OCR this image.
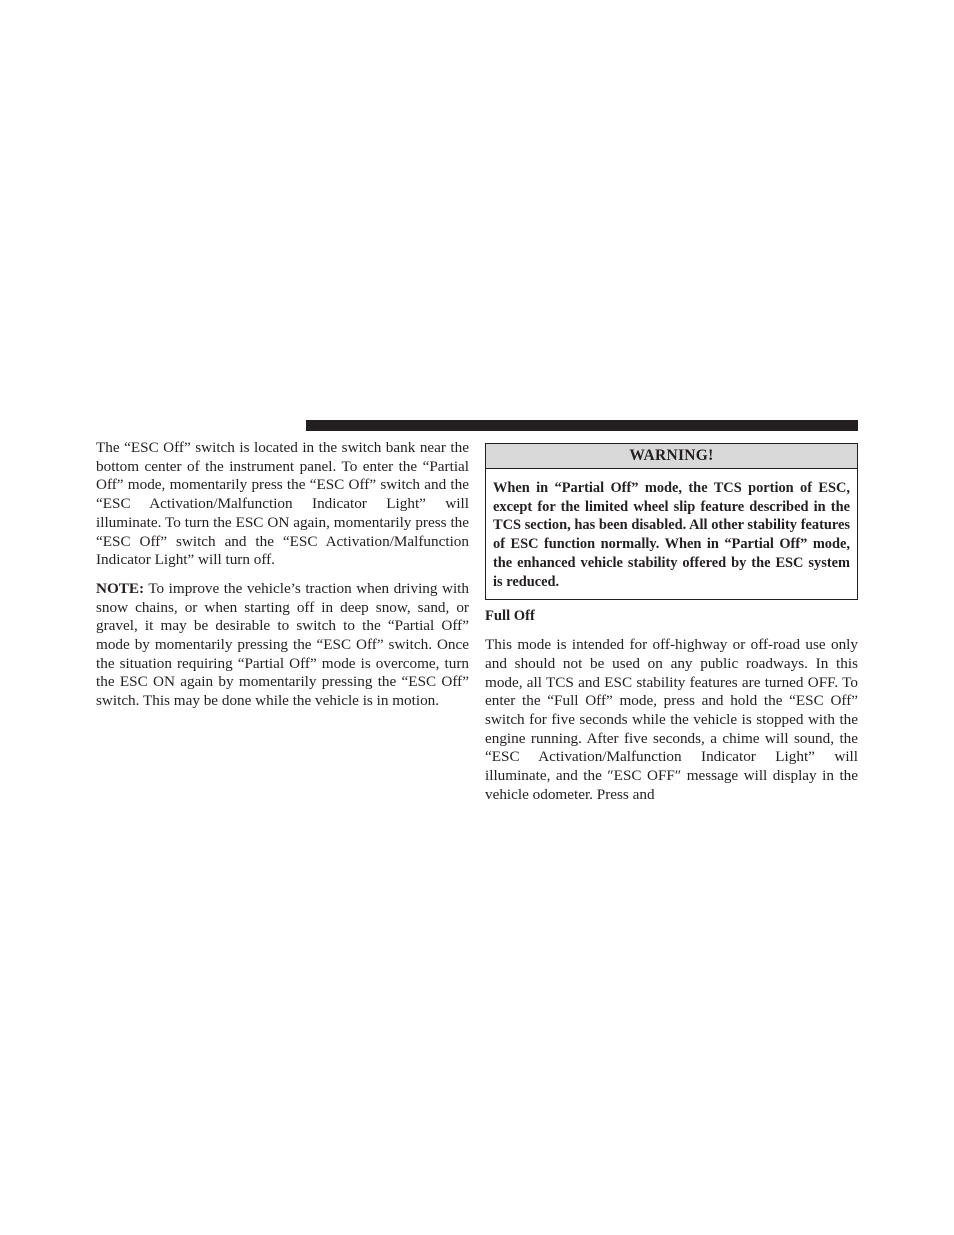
The “ESC Off” switch is located in the switch bank near the bottom center of the instrument panel. To enter the “Partial Off” mode, momentarily press the “ESC Off” switch and the “ESC Activation/Malfunction Indicator Light” will illuminate. To turn the ESC ON again, momentarily press the “ESC Off” switch and the “ESC Activation/Malfunction Indicator Light” will turn off.

NOTE: To improve the vehicle’s traction when driving with snow chains, or when starting off in deep snow, sand, or gravel, it may be desirable to switch to the “Partial Off” mode by momentarily pressing the “ESC Off” switch. Once the situation requiring “Partial Off” mode is overcome, turn the ESC ON again by momentarily pressing the “ESC Off” switch. This may be done while the vehicle is in motion.

WARNING!
When in “Partial Off” mode, the TCS portion of ESC, except for the limited wheel slip feature described in the TCS section, has been disabled. All other stability features of ESC function normally. When in “Partial Off” mode, the enhanced vehicle stability offered by the ESC system is reduced.
Full Off

This mode is intended for off-highway or off-road use only and should not be used on any public roadways. In this mode, all TCS and ESC stability features are turned OFF. To enter the “Full Off” mode, press and hold the “ESC Off” switch for five seconds while the vehicle is stopped with the engine running. After five seconds, a chime will sound, the “ESC Activation/Malfunction Indicator Light” will illuminate, and the ″ESC OFF″ message will display in the vehicle odometer. Press and
